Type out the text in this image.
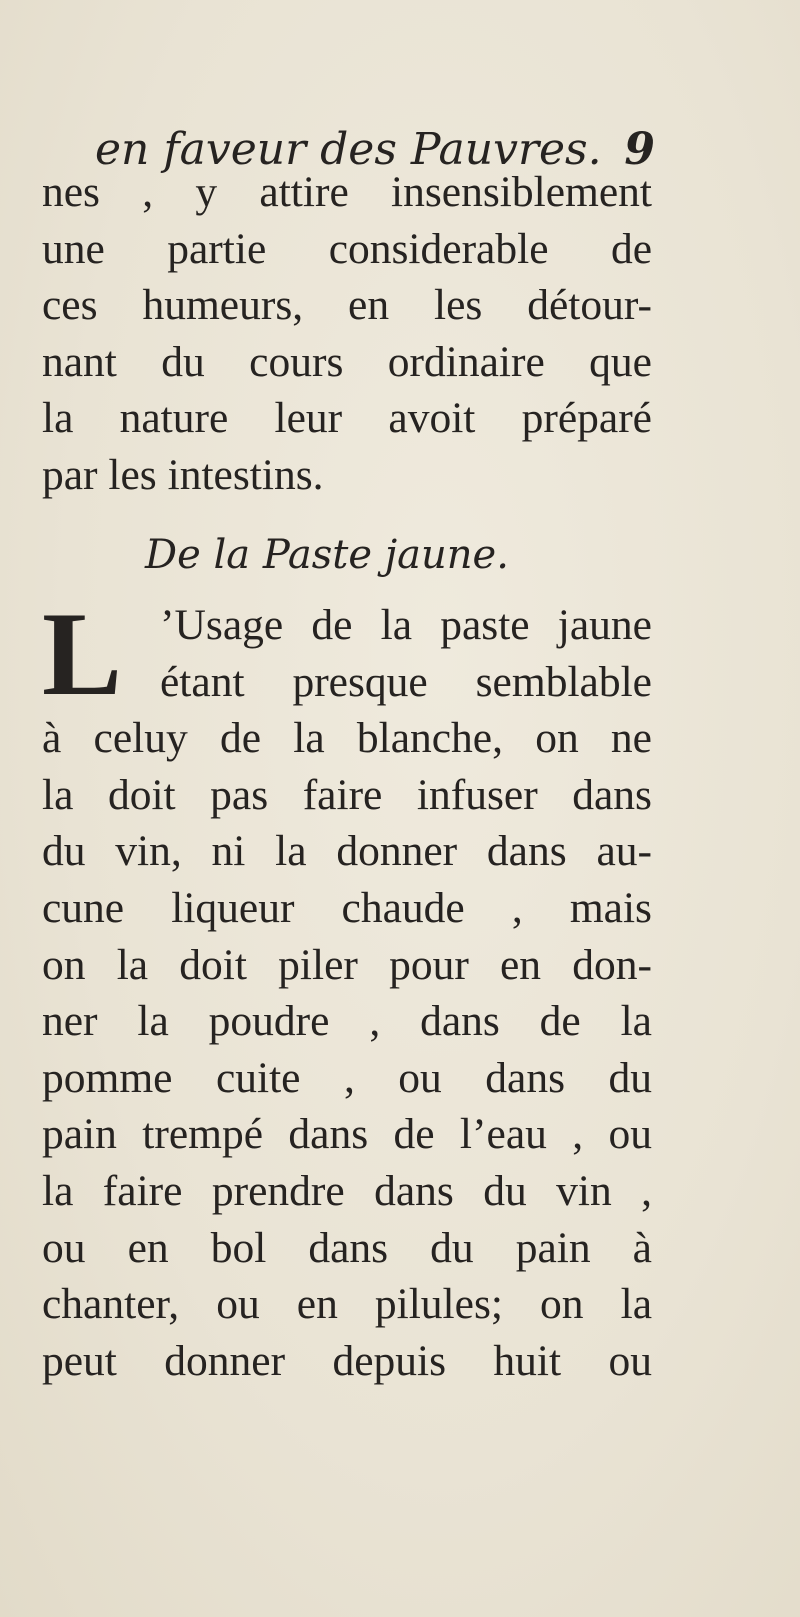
en faveur des Pauvres. 9
nes , y attire insensiblement
une partie considerable de
ces humeurs, en les détour-
nant du cours ordinaire que
la nature leur avoit préparé
par les intestins.
De la Paste jaune.
L ’Usage de la paste jaune
étant presque semblable
à celuy de la blanche, on ne
la doit pas faire infuser dans
du vin, ni la donner dans au-
cune liqueur chaude , mais
on la doit piler pour en don-
ner la poudre , dans de la
pomme cuite , ou dans du
pain trempé dans de l’eau , ou
la faire prendre dans du vin ,
ou en bol dans du pain à
chanter, ou en pilules; on la
peut donner depuis huit ou
